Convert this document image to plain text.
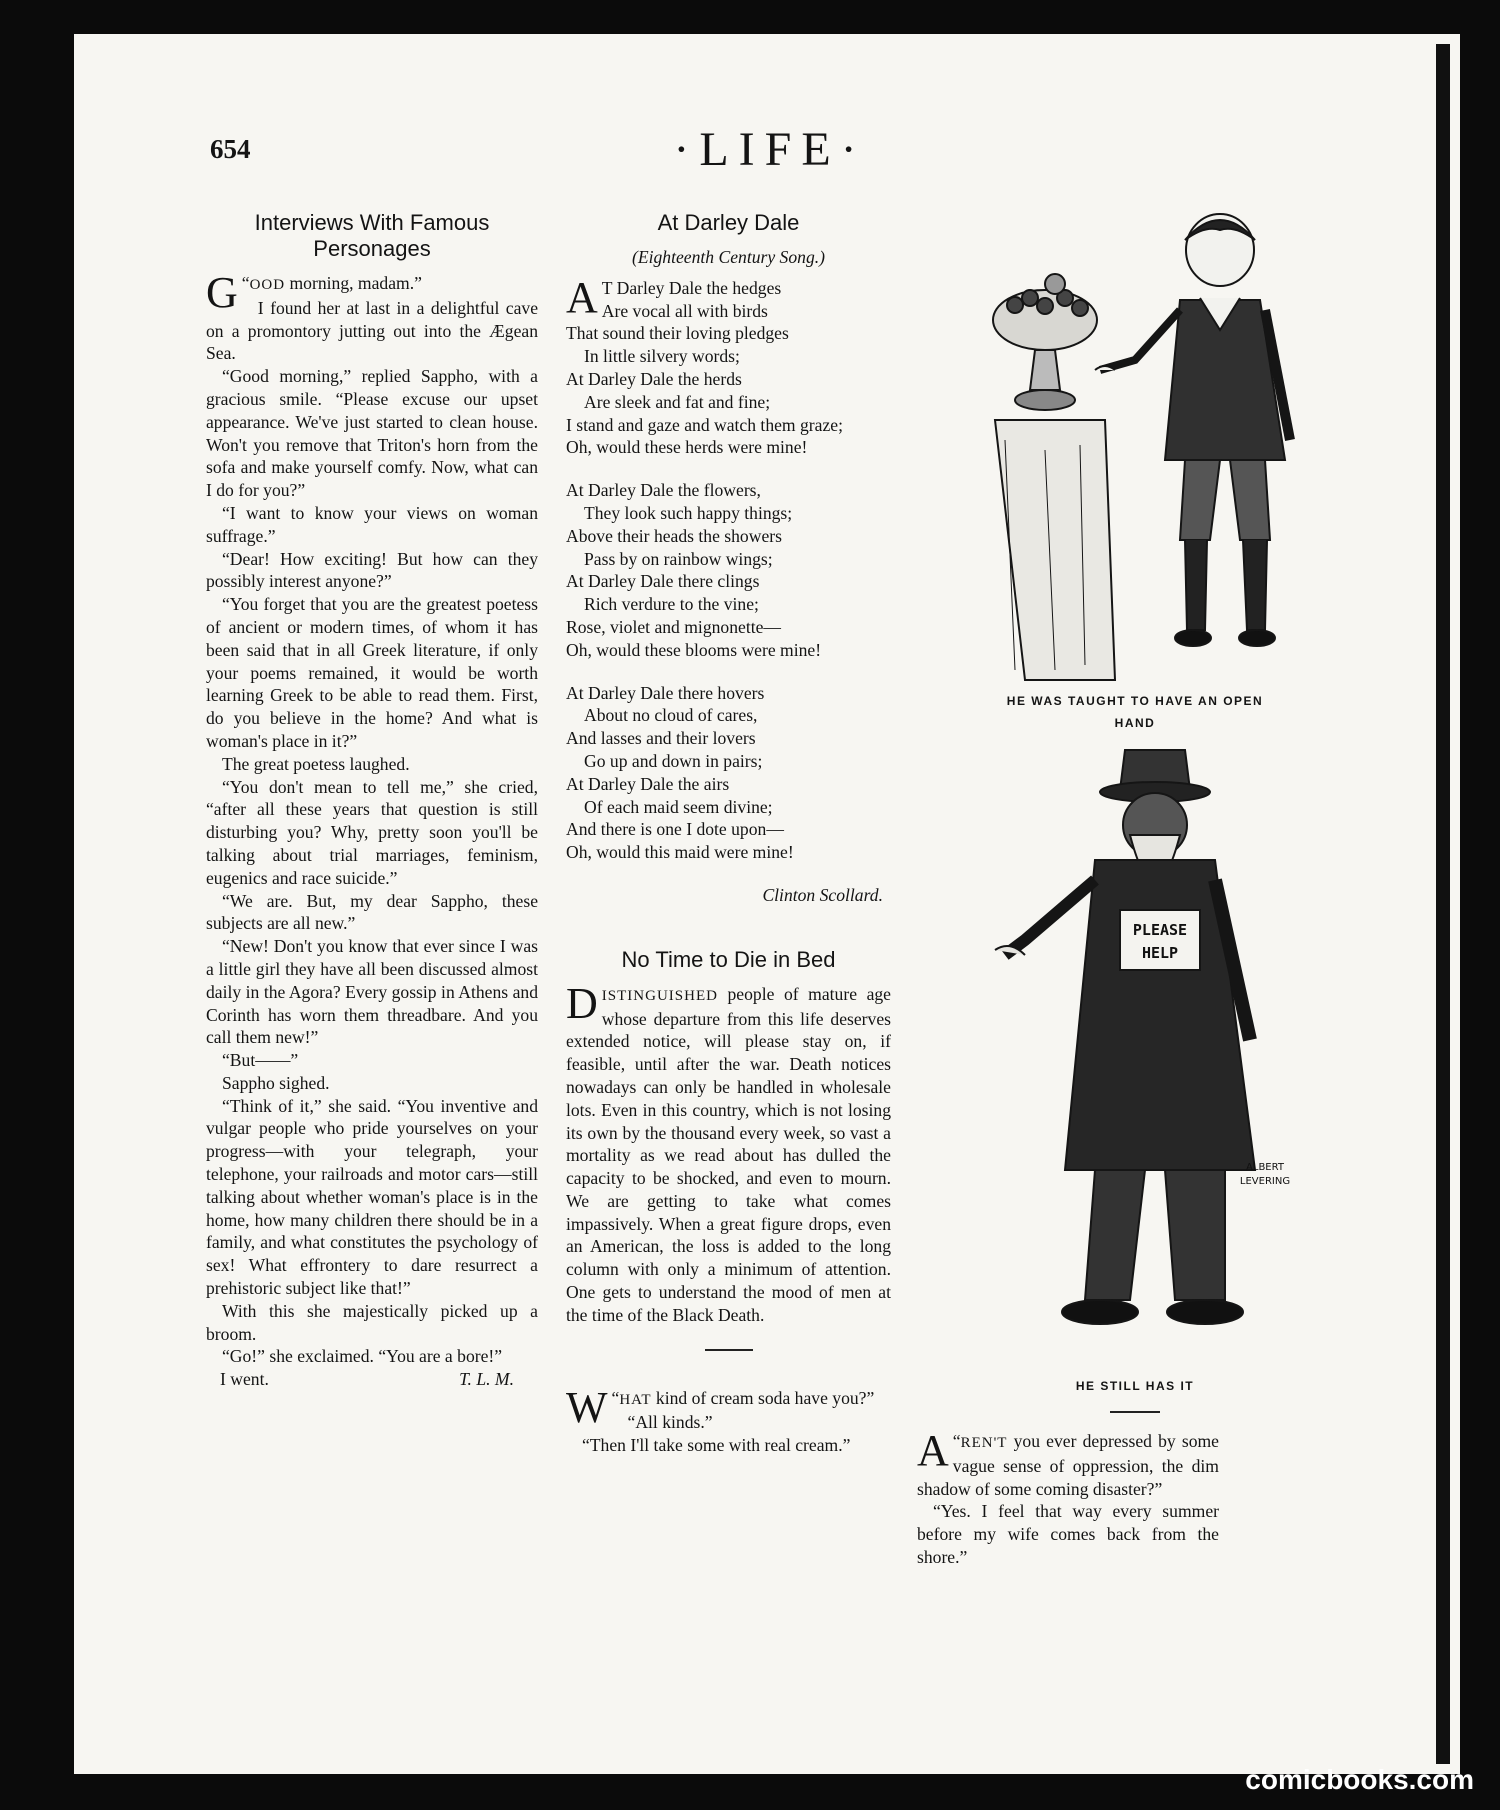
654	·LIFE·
Interviews With Famous Personages

“
G OOD morning, madam.”

I found her at last in a delightful cave on a promontory jutting out into the Ægean Sea.

“Good morning,” replied Sappho, with a gracious smile. “Please excuse our upset appearance. We've just started to clean house. Won't you remove that Triton's horn from the sofa and make yourself comfy. Now, what can I do for you?”

“I want to know your views on woman suffrage.”

“Dear! How exciting! But how can they possibly interest anyone?”

“You forget that you are the greatest poetess of ancient or modern times, of whom it has been said that in all Greek literature, if only your poems remained, it would be worth learning Greek to be able to read them. First, do you believe in the home? And what is woman's place in it?”

The great poetess laughed.

“You don't mean to tell me,” she cried, “after all these years that question is still disturbing you? Why, pretty soon you'll be talking about trial marriages, feminism, eugenics and race suicide.”

“We are. But, my dear Sappho, these subjects are all new.”

“New! Don't you know that ever since I was a little girl they have all been discussed almost daily in the Agora? Every gossip in Athens and Corinth has worn them threadbare. And you call them new!”

“But——”

Sappho sighed.

“Think of it,” she said. “You inventive and vulgar people who pride yourselves on your progress—with your telegraph, your telephone, your railroads and motor cars—still talking about whether woman's place is in the home, how many children there should be in a family, and what constitutes the psychology of sex! What effrontery to dare resurrect a prehistoric subject like that!”

With this she majestically picked up a broom.

“Go!” she exclaimed. “You are a bore!”

I went.	T. L. M.
At Darley Dale
(Eighteenth Century Song.)
A T Darley Dale the hedges
Are vocal all with birds
That sound their loving pledges
In little silvery words;
At Darley Dale the herds
Are sleek and fat and fine;
I stand and gaze and watch them graze;
Oh, would these herds were mine!
At Darley Dale the flowers,
They look such happy things;
Above their heads the showers
Pass by on rainbow wings;
At Darley Dale there clings
Rich verdure to the vine;
Rose, violet and mignonette—
Oh, would these blooms were mine!
At Darley Dale there hovers
About no cloud of cares,
And lasses and their lovers
Go up and down in pairs;
At Darley Dale the airs
Of each maid seem divine;
And there is one I dote upon—
Oh, would this maid were mine!
Clinton Scollard.
No Time to Die in Bed

DISTINGUISHED people of mature age whose departure from this life deserves extended notice, will please stay on, if feasible, until after the war. Death notices nowadays can only be handled in wholesale lots. Even in this country, which is not losing its own by the thousand every week, so vast a mortality as we read about has dulled the capacity to be shocked, and even to mourn. We are getting to take what comes impassively. When a great figure drops, even an American, the loss is added to the long column with only a minimum of attention. One gets to understand the mood of men at the time of the Black Death.

“
W HAT kind of cream soda have you?”

“All kinds.”

“Then I'll take some with real cream.”

HE WAS TAUGHT TO HAVE AN OPEN HAND
PLEASE
HELP
ALBERT
LEVERING
HE STILL HAS IT

“
A REN'T you ever depressed by some vague sense of oppression, the dim shadow of some coming disaster?”

“Yes. I feel that way every summer before my wife comes back from the shore.”

comicbooks.com
